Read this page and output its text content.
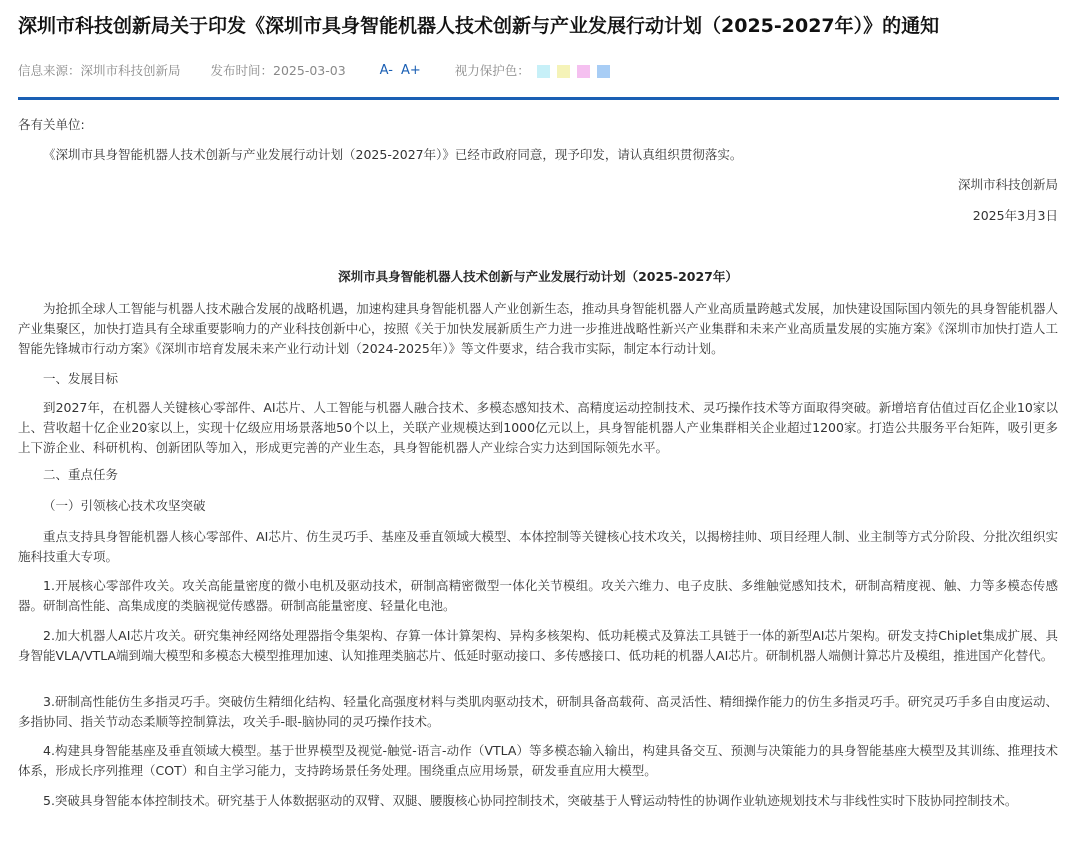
深圳市科技创新局关于印发《深圳市具身智能机器人技术创新与产业发展行动计划（2025-2027年）》的通知
信息来源：深圳市科技创新局 发布时间：2025-03-03	A- A+	视力保护色：
各有关单位:
《深圳市具身智能机器人技术创新与产业发展行动计划（2025-2027年）》已经市政府同意，现予印发，请认真组织贯彻落实。
深圳市科技创新局
2025年3月3日
深圳市具身智能机器人技术创新与产业发展行动计划（2025-2027年）
为抢抓全球人工智能与机器人技术融合发展的战略机遇，加速构建具身智能机器人产业创新生态，推动具身智能机器人产业高质量跨越式发展，加快建设国际国内领先的具身智能机器人产业集聚区，加快打造具有全球重要影响力的产业科技创新中心，按照《关于加快发展新质生产力进一步推进战略性新兴产业集群和未来产业高质量发展的实施方案》《深圳市加快打造人工智能先锋城市行动方案》《深圳市培育发展未来产业行动计划（2024-2025年）》等文件要求，结合我市实际，制定本行动计划。
一、发展目标
到2027年，在机器人关键核心零部件、AI芯片、人工智能与机器人融合技术、多模态感知技术、高精度运动控制技术、灵巧操作技术等方面取得突破。新增培育估值过百亿企业10家以上、营收超十亿企业20家以上，实现十亿级应用场景落地50个以上，关联产业规模达到1000亿元以上，具身智能机器人产业集群相关企业超过1200家。打造公共服务平台矩阵，吸引更多上下游企业、科研机构、创新团队等加入，形成更完善的产业生态，具身智能机器人产业综合实力达到国际领先水平。
二、重点任务
（一）引领核心技术攻坚突破
重点支持具身智能机器人核心零部件、AI芯片、仿生灵巧手、基座及垂直领域大模型、本体控制等关键核心技术攻关，以揭榜挂帅、项目经理人制、业主制等方式分阶段、分批次组织实施科技重大专项。
1.开展核心零部件攻关。攻关高能量密度的微小电机及驱动技术，研制高精密微型一体化关节模组。攻关六维力、电子皮肤、多维触觉感知技术，研制高精度视、触、力等多模态传感器。研制高性能、高集成度的类脑视觉传感器。研制高能量密度、轻量化电池。
2.加大机器人AI芯片攻关。研究集神经网络处理器指令集架构、存算一体计算架构、异构多核架构、低功耗模式及算法工具链于一体的新型AI芯片架构。研发支持Chiplet集成扩展、具身智能VLA/VTLA端到端大模型和多模态大模型推理加速、认知推理类脑芯片、低延时驱动接口、多传感接口、低功耗的机器人AI芯片。研制机器人端侧计算芯片及模组，推进国产化替代。
3.研制高性能仿生多指灵巧手。突破仿生精细化结构、轻量化高强度材料与类肌肉驱动技术，研制具备高载荷、高灵活性、精细操作能力的仿生多指灵巧手。研究灵巧手多自由度运动、多指协同、指关节动态柔顺等控制算法，攻关手-眼-脑协同的灵巧操作技术。
4.构建具身智能基座及垂直领域大模型。基于世界模型及视觉-触觉-语言-动作（VTLA）等多模态输入输出，构建具备交互、预测与决策能力的具身智能基座大模型及其训练、推理技术体系，形成长序列推理（COT）和自主学习能力，支持跨场景任务处理。围绕重点应用场景，研发垂直应用大模型。
5.突破具身智能本体控制技术。研究基于人体数据驱动的双臂、双腿、腰腹核心协同控制技术，突破基于人臂运动特性的协调作业轨迹规划技术与非线性实时下肢协同控制技术。
